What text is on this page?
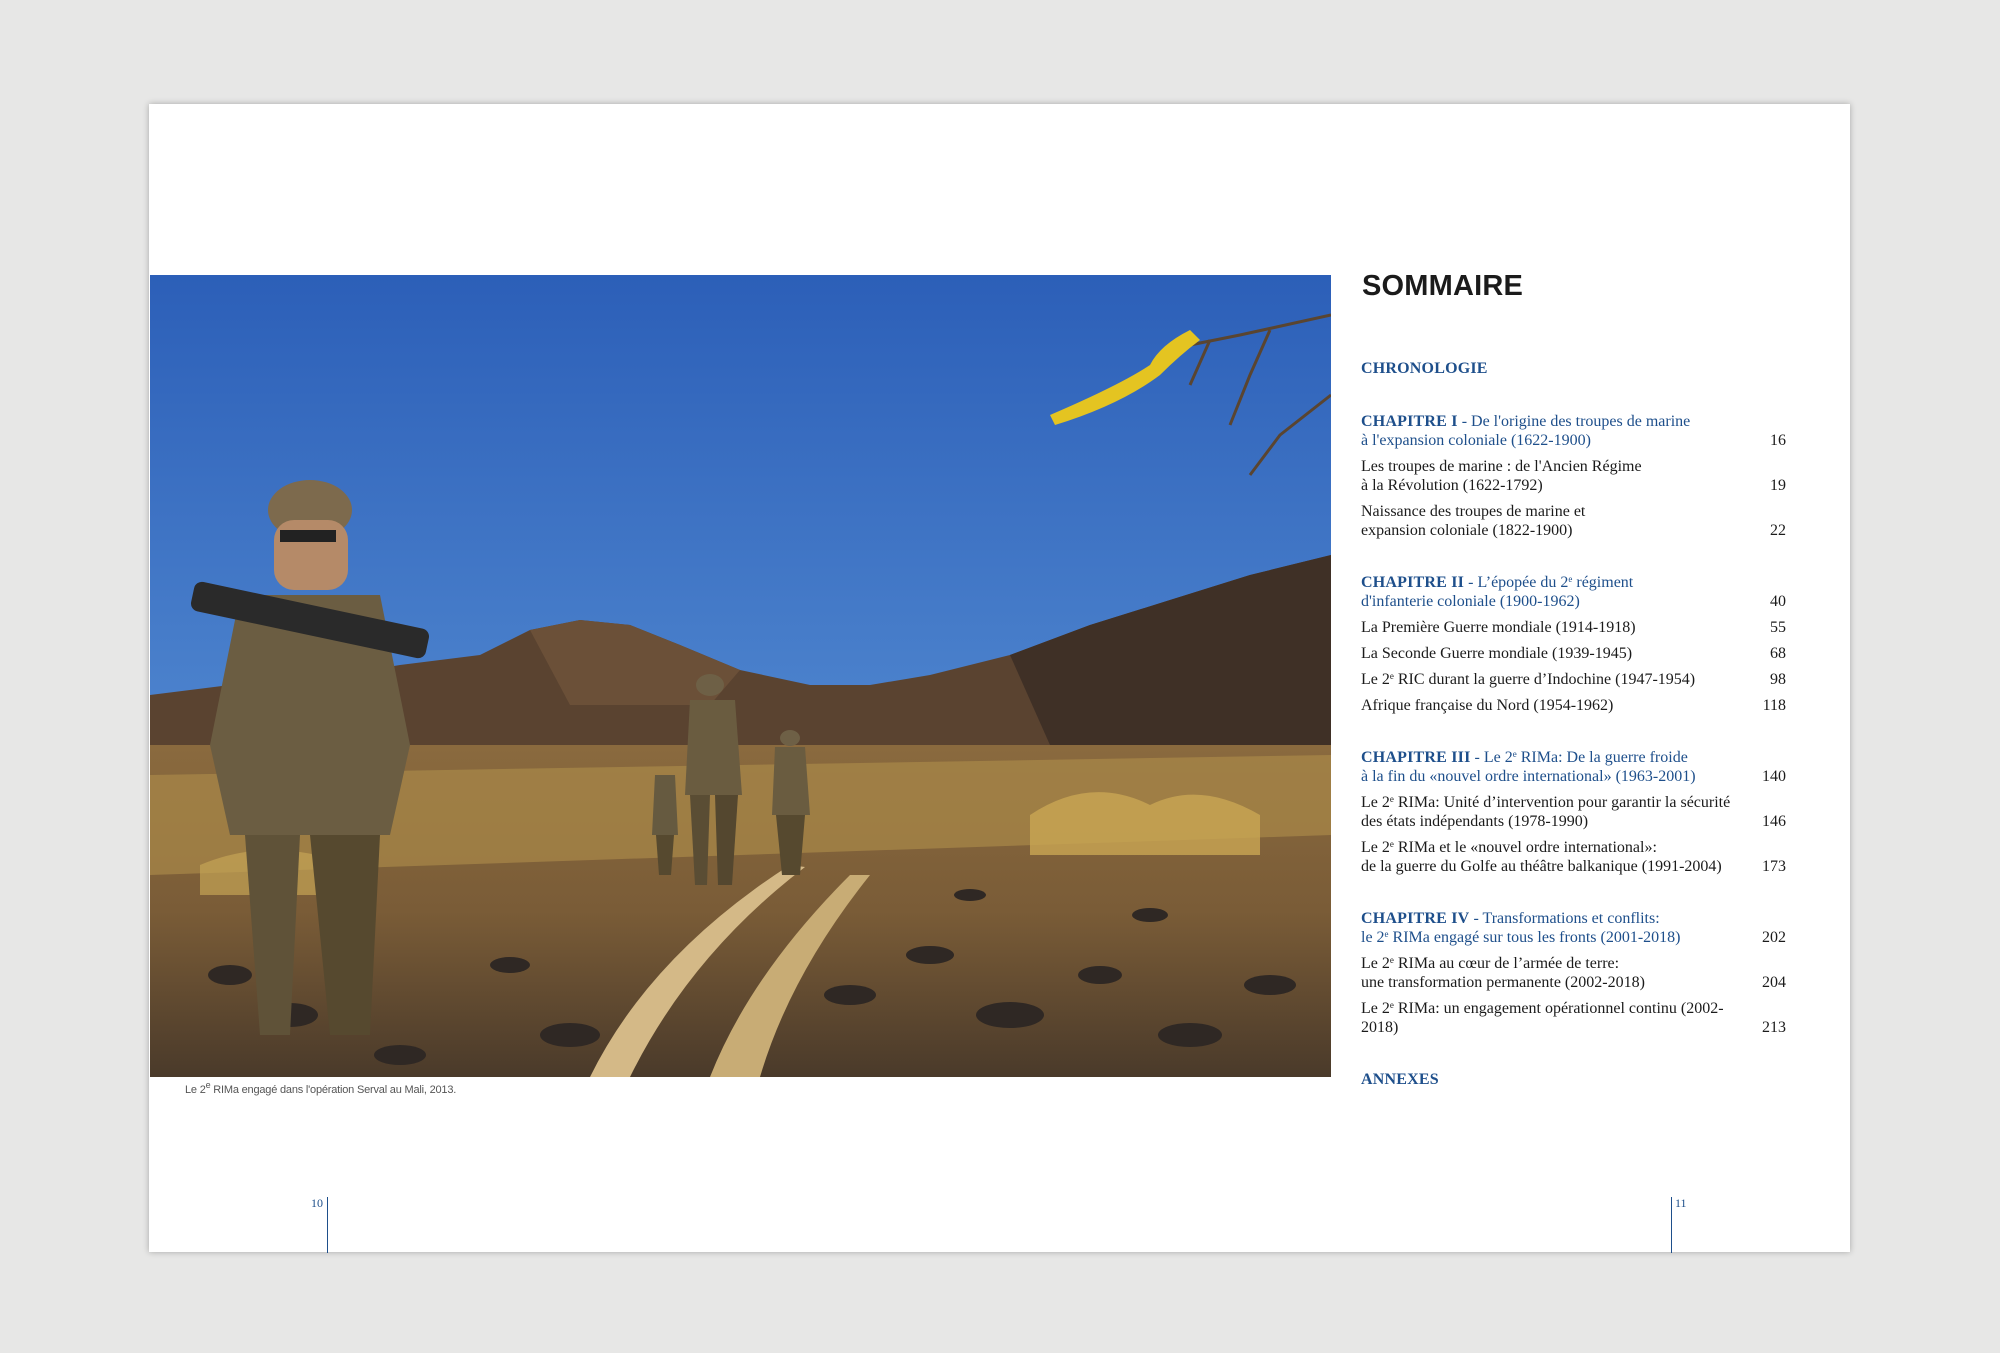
Le 2e RIMa engagé dans l'opération Serval au Mali, 2013.
SOMMAIRE
CHRONOLOGIE
CHAPITRE I - De l'origine des troupes de marine
à l'expansion coloniale (1622-1900)	16
Les troupes de marine : de l'Ancien Régime
à la Révolution (1622-1792)	19
Naissance des troupes de marine et
expansion coloniale (1822-1900)	22
CHAPITRE II - L’épopée du 2e régiment
d'infanterie coloniale (1900-1962)	40
La Première Guerre mondiale (1914-1918)	55
La Seconde Guerre mondiale (1939-1945)	68
Le 2e RIC durant la guerre d’Indochine (1947-1954)	98
Afrique française du Nord (1954-1962)	118
CHAPITRE III - Le 2e RIMa: De la guerre froide
à la fin du «nouvel ordre international» (1963-2001)	140
Le 2e RIMa: Unité d’intervention pour garantir la sécurité
des états indépendants (1978-1990)	146
Le 2e RIMa et le «nouvel ordre international»:
de la guerre du Golfe au théâtre balkanique (1991-2004)	173
CHAPITRE IV - Transformations et conflits:
le 2e RIMa engagé sur tous les fronts (2001-2018)	202
Le 2e RIMa au cœur de l’armée de terre:
une transformation permanente (2002-2018)	204
Le 2e RIMa: un engagement opérationnel continu (2002-2018)	213
ANNEXES
10	11
